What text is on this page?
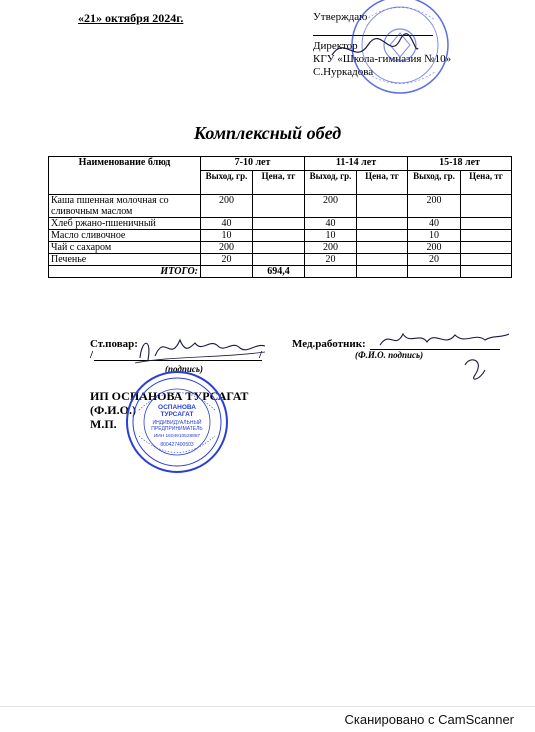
«21» октября 2024г.	Утверждаю
Директор
КГУ «Школа-гимназия №10»
С.Нуркадова
Комплексный обед
Наименование блюд	7-10 лет		11-14 лет		15-18 лет	
	Выход, гр.	Цена, тг	Выход, гр.	Цена, тг	Выход, гр.	Цена, тг
Каша пшенная молочная со сливочным маслом	200		200		200	
Хлеб ржано-пшеничный	40		40		40	
Масло сливочное	10		10		10	
Чай с сахаром	200		200		200	
Печенье	20		20		20	
ИТОГО:		694,4				
Ст.повар:
/	/
(подпись)
Мед.работник:
(Ф.И.О. подпись)
ИП ОСПАНОВА ТУРСАГАТ
(Ф.И.О.)
М.П.
ОСПАНОВА
ТУРСАГАТ
ИНДИВИДУАЛЬНЫЙ
ПРЕДПРИНИМАТЕЛЬ
ИИН 1604910528887
800427400503
Сканировано с CamScanner
